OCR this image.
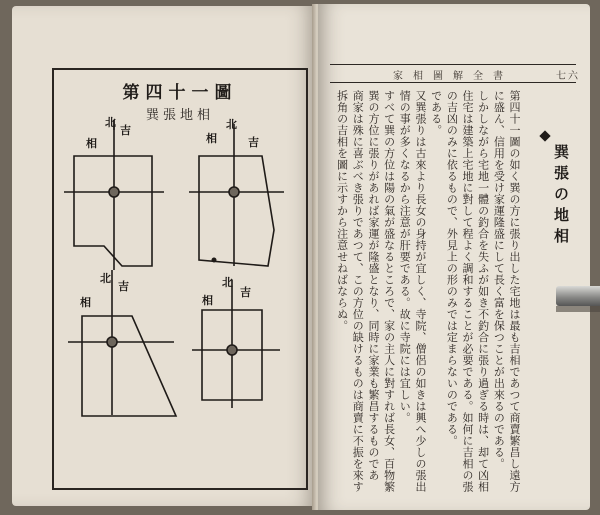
第四十一圖
巽張地相
北
吉
相
北
吉
相
北
吉
相
北
吉
相
家相圖解全書	七六
巽張の地相
第四十一圖の如く巽の方に張り出した宅地は最も吉相であつて商賣繁昌し遠方
に盛ん、信用を受け家運隆盛にして長く富を保つことが出來るのである。
しかしながら宅地一體の釣合を失ふが如き不釣合に張り過ぎる時は、却て凶相
住宅は建築上宅地に對して程よく調和することが必要である。如何に吉相の張
の吉凶のみに依るもので、外見上の形のみでは定まらないのである。
である。
又巽張りは古來より長女の身持が宜しく、寺院、僧侶の如きは興へ少しの張出
情の事が多くなるから注意が肝要である。故に寺院には宜しい。
すべて巽の方位は陽の氣が盛なるところで、家の主人に對すれば長女、百物繁
巽の方位に張りがあれば家運が隆盛となり、同時に家業も繁昌するものであ
商家は殊に喜ぶべき張りであつて、この方位の缺けるものは商賣に不振を來す
拆角の吉相を圖に示すから注意せねばならぬ。
